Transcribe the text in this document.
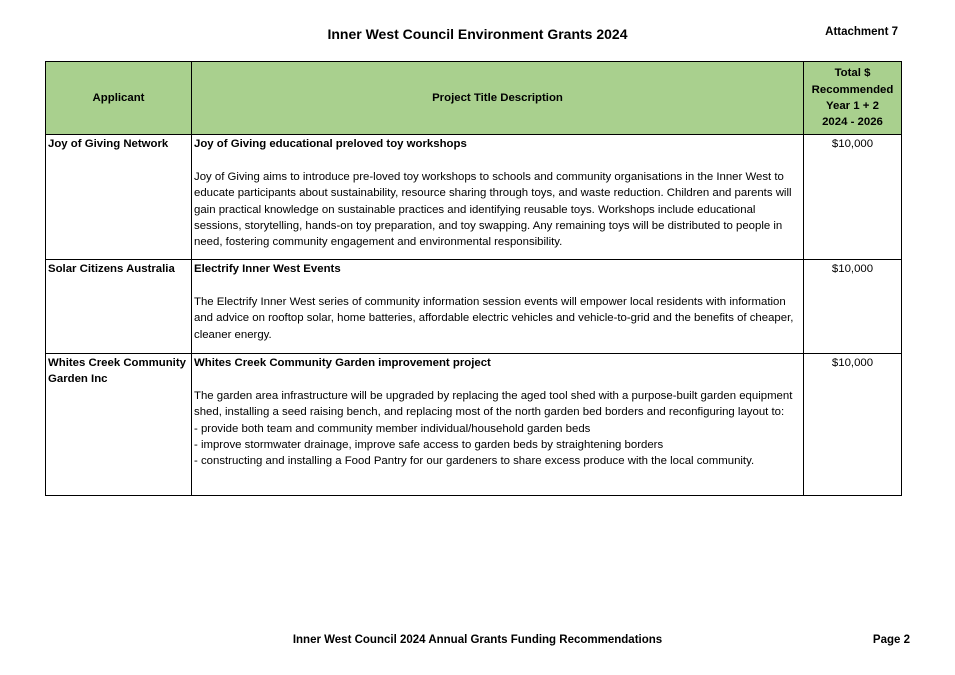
Inner West Council Environment Grants 2024	Attachment 7
Applicant	Project Title Description	Total $
Recommended
Year 1 + 2
2024 - 2026

Joy of Giving Network	Joy of Giving educational preloved toy workshops
Joy of Giving aims to introduce pre-loved toy workshops to schools and community organisations in the Inner West to educate participants about sustainability, resource sharing through toys, and waste reduction. Children and parents will gain practical knowledge on sustainable practices and identifying reusable toys. Workshops include educational sessions, storytelling, hands-on toy preparation, and toy swapping. Any remaining toys will be distributed to people in need, fostering community engagement and environmental responsibility.	$10,000
Solar Citizens Australia	Electrify Inner West Events
The Electrify Inner West series of community information session events will empower local residents with information and advice on rooftop solar, home batteries, affordable electric vehicles and vehicle-to-grid and the benefits of cheaper, cleaner energy.	$10,000
Whites Creek Community Garden Inc	Whites Creek Community Garden improvement project
The garden area infrastructure will be upgraded by replacing the aged tool shed with a purpose-built garden equipment shed, installing a seed raising bench, and replacing most of the north garden bed borders and reconfiguring layout to:
- provide both team and community member individual/household garden beds
- improve stormwater drainage, improve safe access to garden beds by straightening borders
- constructing and installing a Food Pantry for our gardeners to share excess produce with the local community.	$10,000
Inner West Council 2024 Annual Grants Funding Recommendations	Page 2
